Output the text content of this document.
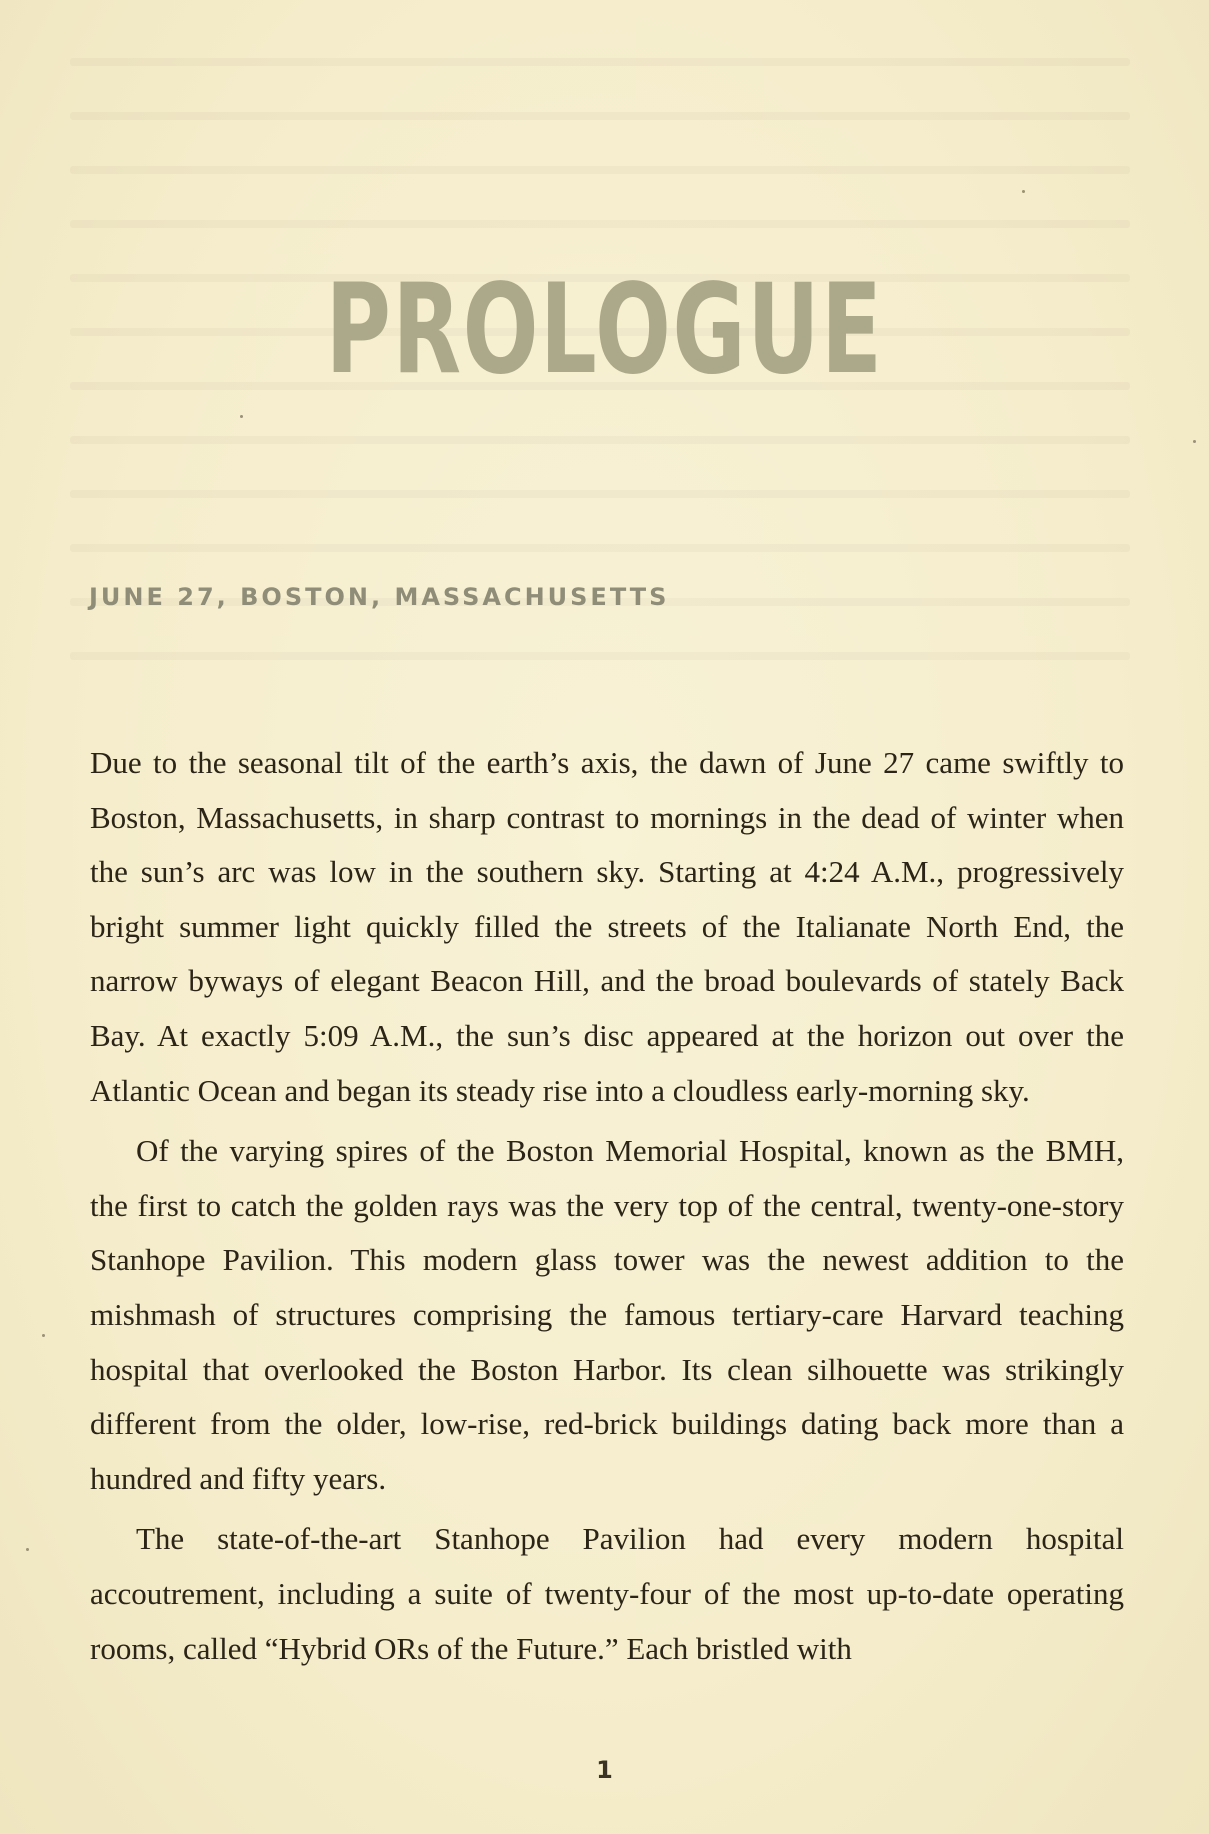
PROLOGUE
JUNE 27, BOSTON, MASSACHUSETTS

Due to the seasonal tilt of the earth’s axis, the dawn of June 27 came swiftly to Boston, Massachusetts, in sharp contrast to mornings in the dead of winter when the sun’s arc was low in the southern sky. Starting at 4:24 A.M., progressively bright summer light quickly filled the streets of the Italianate North End, the narrow byways of elegant Beacon Hill, and the broad boulevards of stately Back Bay. At exactly 5:09 A.M., the sun’s disc appeared at the horizon out over the Atlantic Ocean and began its steady rise into a cloudless early-morning sky.

Of the varying spires of the Boston Memorial Hospital, known as the BMH, the first to catch the golden rays was the very top of the central, twenty-one-story Stanhope Pavilion. This modern glass tower was the newest addition to the mishmash of structures comprising the famous tertiary-care Harvard teaching hospital that overlooked the Boston Harbor. Its clean silhouette was strikingly different from the older, low-rise, red-brick buildings dating back more than a hundred and fifty years.

The state-of-the-art Stanhope Pavilion had every modern hospital accoutrement, including a suite of twenty-four of the most up-to-date operating rooms, called “Hybrid ORs of the Future.” Each bristled with

1
